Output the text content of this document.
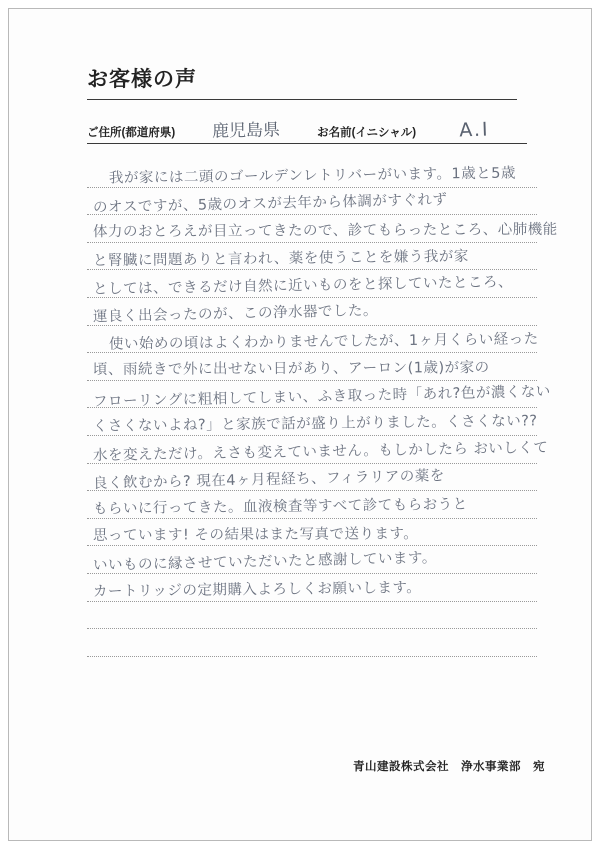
お客様の声
ご住所(都道府県)	鹿児島県	お名前(イニシャル)	A.I
我が家には二頭のゴールデンレトリバーがいます。1歳と5歳
のオスですが、5歳のオスが去年から体調がすぐれず
体力のおとろえが目立ってきたので、診てもらったところ、心肺機能
と腎臓に問題ありと言われ、薬を使うことを嫌う我が家
としては、できるだけ自然に近いものをと探していたところ、
運良く出会ったのが、この浄水器でした。
使い始めの頃はよくわかりませんでしたが、1ヶ月くらい経った
頃、雨続きで外に出せない日があり、アーロン(1歳)が家の
フローリングに粗相してしまい、ふき取った時「あれ?色が濃くない
くさくないよね?」と家族で話が盛り上がりました。くさくない??
水を変えただけ。えさも変えていません。もしかしたら おいしくて
良く飲むから? 現在4ヶ月程経ち、フィラリアの薬を
もらいに行ってきた。血液検査等すべて診てもらおうと
思っています! その結果はまた写真で送ります。
いいものに縁させていただいたと感謝しています。
カートリッジの定期購入よろしくお願いします。
青山建設株式会社　浄水事業部　宛
